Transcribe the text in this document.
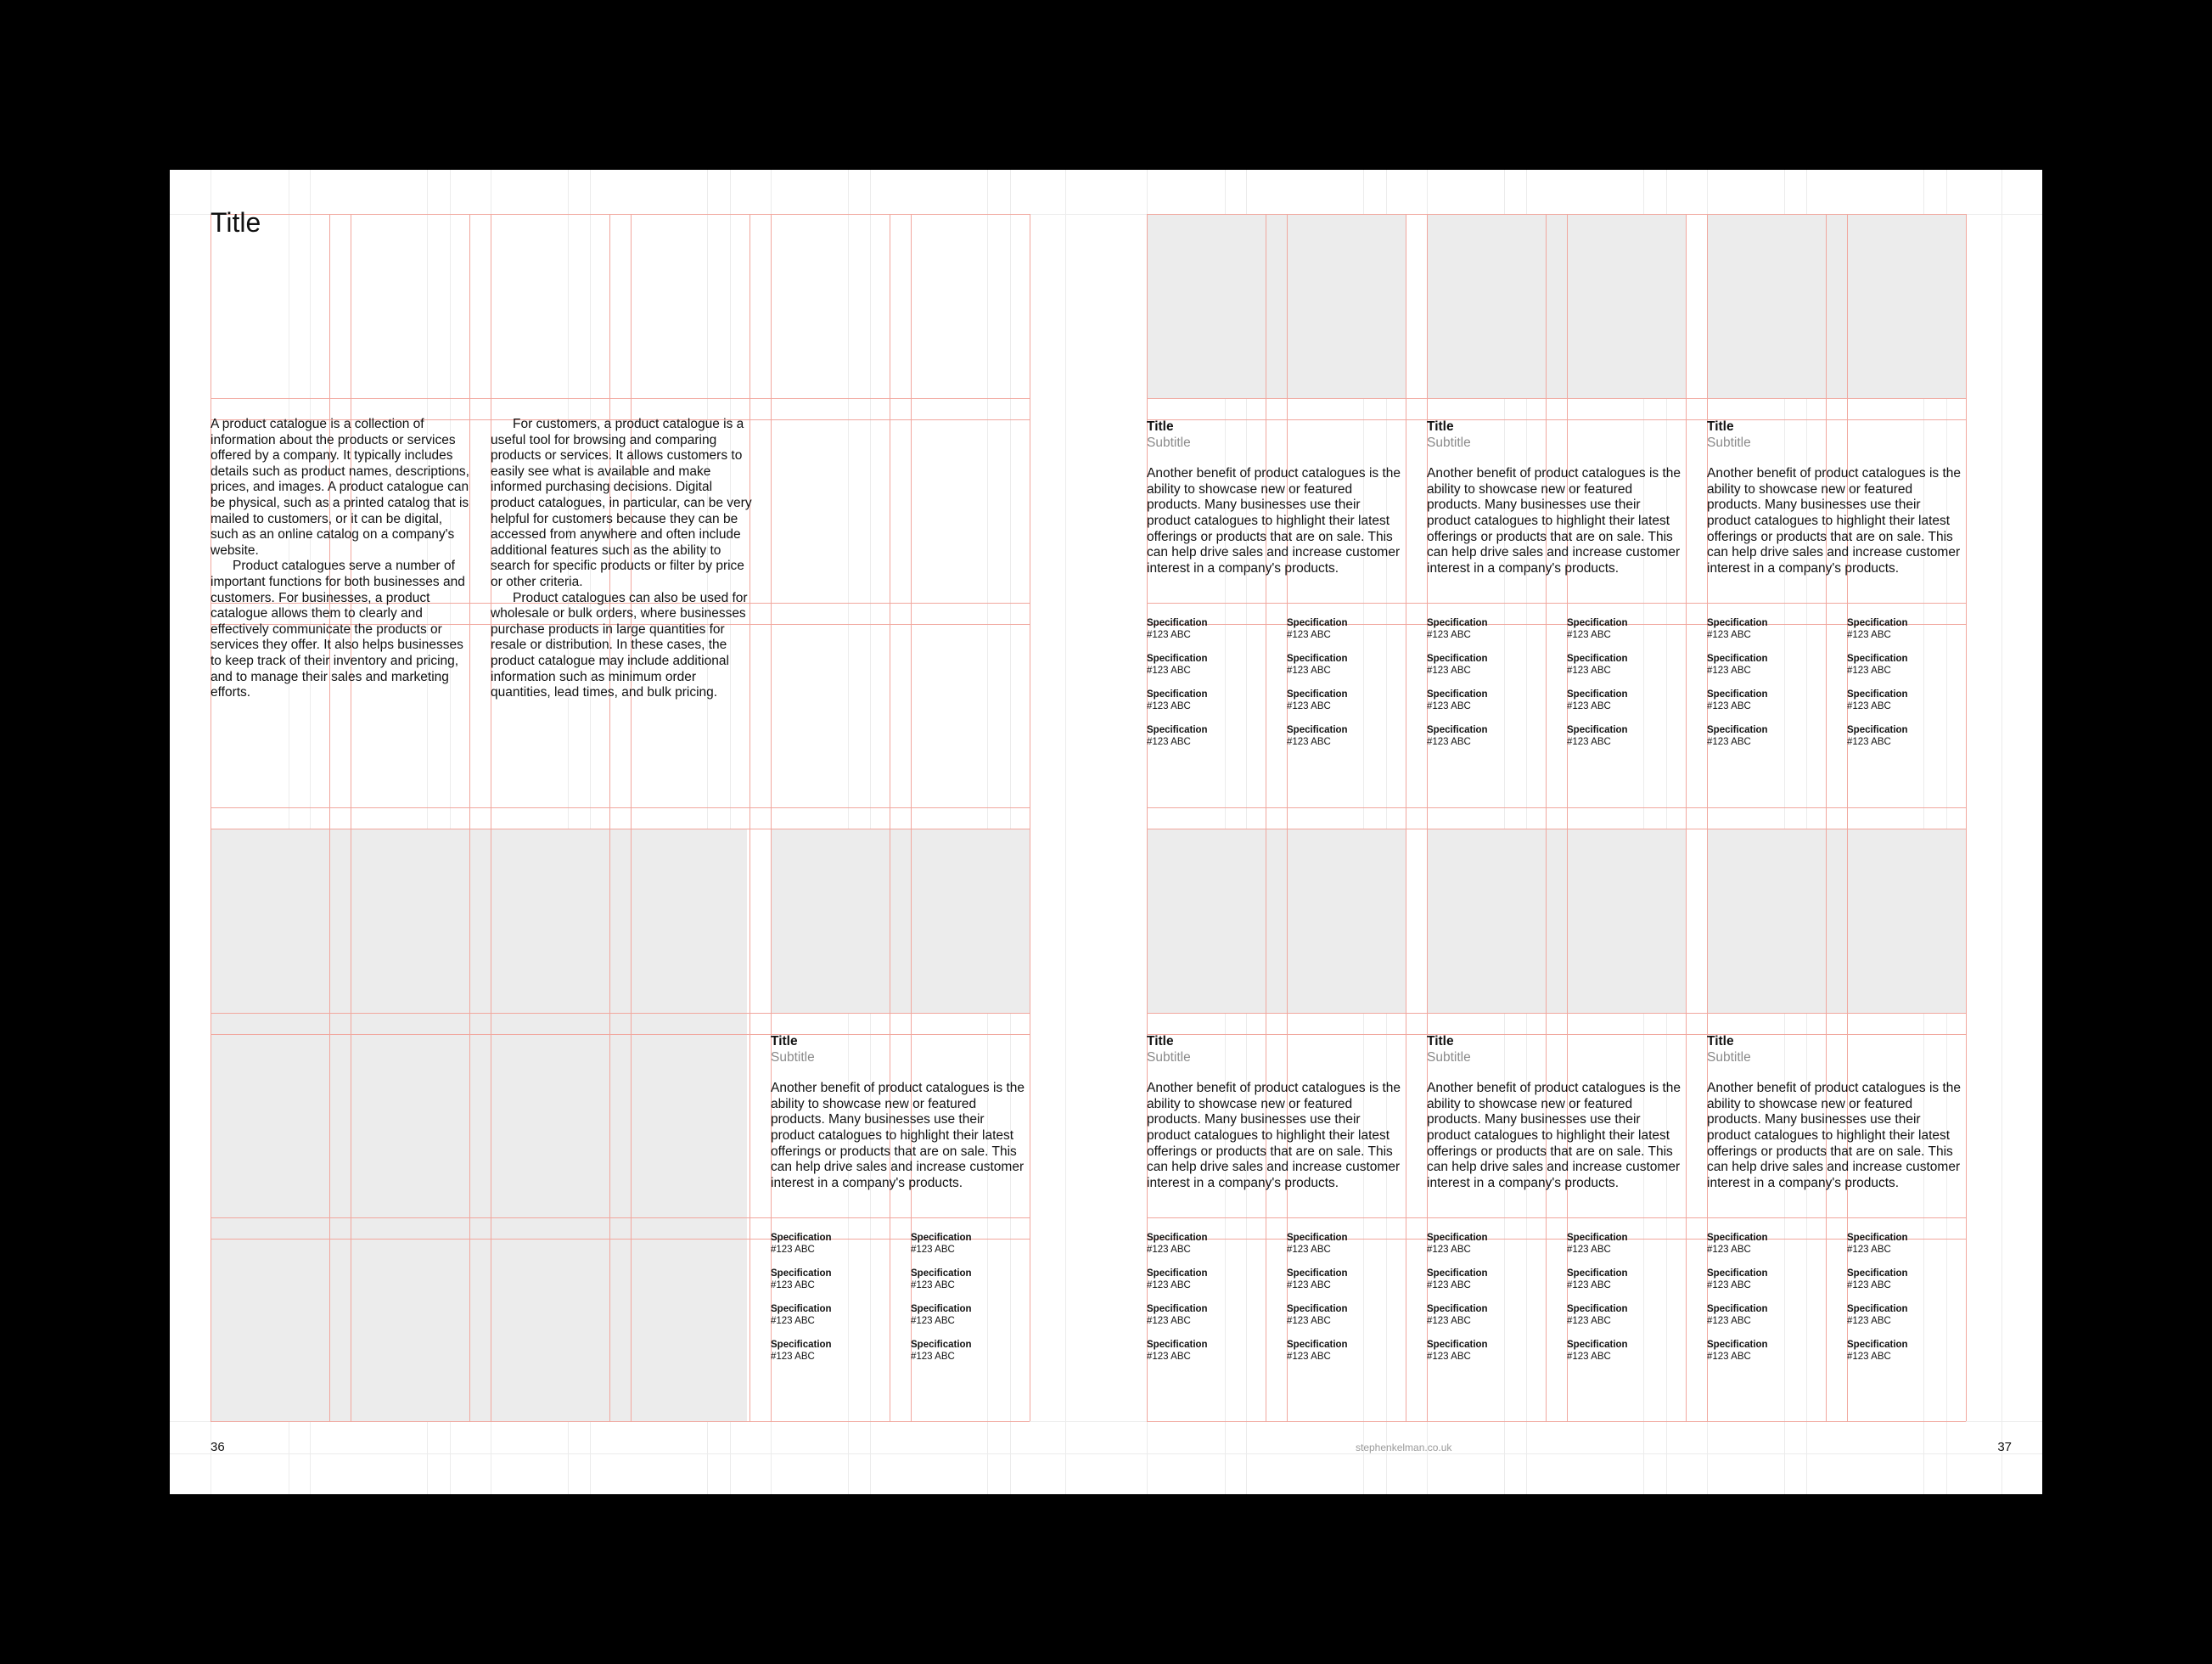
Title

A product catalogue is a collection of information about the products or services offered by a company. It typically includes details such as product names, descriptions, prices, and images. A product catalogue can be physical, such as a printed catalog that is mailed to customers, or it can be digital, such as an online catalog on a company's website.

Product catalogues serve a number of important functions for both businesses and customers. For businesses, a product catalogue allows them to clearly and effectively communicate the products or services they offer. It also helps businesses to keep track of their inventory and pricing, and to manage their sales and marketing efforts.

For customers, a product catalogue is a useful tool for browsing and comparing products or services. It allows customers to easily see what is available and make informed purchasing decisions. Digital product catalogues, in particular, can be very helpful for customers because they can be accessed from anywhere and often include additional features such as the ability to search for specific products or filter by price or other criteria.

Product catalogues can also be used for wholesale or bulk orders, where businesses purchase products in large quantities for resale or distribution. In these cases, the product catalogue may include additional information such as minimum order quantities, lead times, and bulk pricing.

36
Title
Subtitle
Another benefit of product catalogues is the ability to showcase new or featured products. Many businesses use their product catalogues to highlight their latest offerings or products that are on sale. This can help drive sales and increase customer interest in a company's products.
Specification
#123 ABC
Specification
#123 ABC
Specification
#123 ABC
Specification
#123 ABC
Specification
#123 ABC
Specification
#123 ABC
Specification
#123 ABC
Specification
#123 ABC
stephenkelman.co.uk	37
Title
Subtitle
Another benefit of product catalogues is the ability to showcase new or featured products. Many businesses use their product catalogues to highlight their latest offerings or products that are on sale. This can help drive sales and increase customer interest in a company's products.
Specification
#123 ABC
Specification
#123 ABC
Specification
#123 ABC
Specification
#123 ABC
Specification
#123 ABC
Specification
#123 ABC
Specification
#123 ABC
Specification
#123 ABC
Title
Subtitle
Another benefit of product catalogues is the ability to showcase new or featured products. Many businesses use their product catalogues to highlight their latest offerings or products that are on sale. This can help drive sales and increase customer interest in a company's products.
Specification
#123 ABC
Specification
#123 ABC
Specification
#123 ABC
Specification
#123 ABC
Specification
#123 ABC
Specification
#123 ABC
Specification
#123 ABC
Specification
#123 ABC
Title
Subtitle
Another benefit of product catalogues is the ability to showcase new or featured products. Many businesses use their product catalogues to highlight their latest offerings or products that are on sale. This can help drive sales and increase customer interest in a company's products.
Specification
#123 ABC
Specification
#123 ABC
Specification
#123 ABC
Specification
#123 ABC
Specification
#123 ABC
Specification
#123 ABC
Specification
#123 ABC
Specification
#123 ABC
Title
Subtitle
Another benefit of product catalogues is the ability to showcase new or featured products. Many businesses use their product catalogues to highlight their latest offerings or products that are on sale. This can help drive sales and increase customer interest in a company's products.
Specification
#123 ABC
Specification
#123 ABC
Specification
#123 ABC
Specification
#123 ABC
Specification
#123 ABC
Specification
#123 ABC
Specification
#123 ABC
Specification
#123 ABC
Title
Subtitle
Another benefit of product catalogues is the ability to showcase new or featured products. Many businesses use their product catalogues to highlight their latest offerings or products that are on sale. This can help drive sales and increase customer interest in a company's products.
Specification
#123 ABC
Specification
#123 ABC
Specification
#123 ABC
Specification
#123 ABC
Specification
#123 ABC
Specification
#123 ABC
Specification
#123 ABC
Specification
#123 ABC
Title
Subtitle
Another benefit of product catalogues is the ability to showcase new or featured products. Many businesses use their product catalogues to highlight their latest offerings or products that are on sale. This can help drive sales and increase customer interest in a company's products.
Specification
#123 ABC
Specification
#123 ABC
Specification
#123 ABC
Specification
#123 ABC
Specification
#123 ABC
Specification
#123 ABC
Specification
#123 ABC
Specification
#123 ABC
